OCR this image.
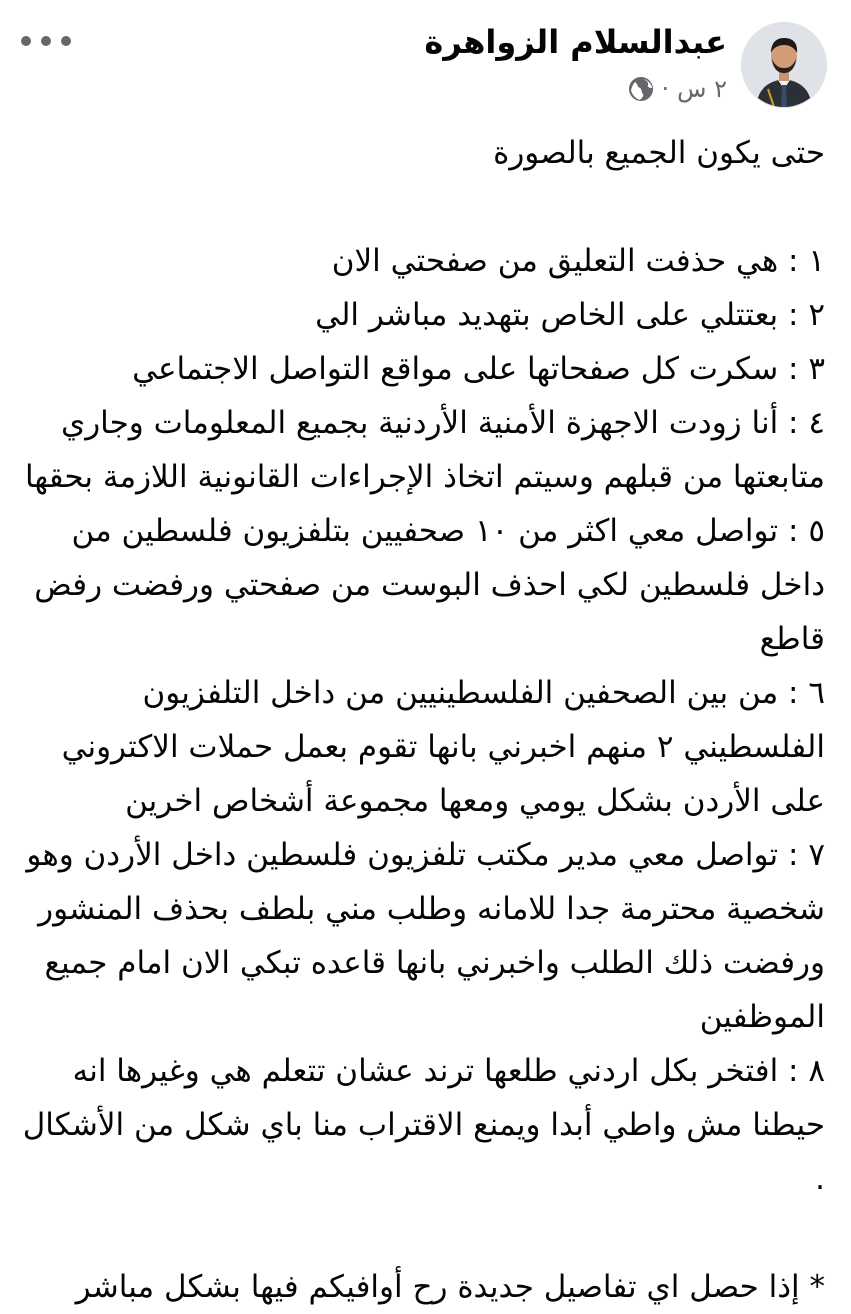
عبدالسلام الزواهرة
٢ س
·

حتى يكون الجميع بالصورة

١ : هي حذفت التعليق من صفحتي الان

٢ : بعتتلي على الخاص بتهديد مباشر الي

٣ : سكرت كل صفحاتها على مواقع التواصل الاجتماعي

٤ : أنا زودت الاجهزة الأمنية الأردنية بجميع المعلومات وجاري متابعتها من قبلهم وسيتم اتخاذ الإجراءات القانونية اللازمة بحقها

٥ : تواصل معي اكثر من ١٠ صحفيين بتلفزيون فلسطين من داخل فلسطين لكي احذف البوست من صفحتي ورفضت رفض قاطع

٦ : من بين الصحفين الفلسطينيين من داخل التلفزيون الفلسطيني ٢ منهم اخبرني بانها تقوم بعمل حملات الاكتروني على الأردن بشكل يومي ومعها مجموعة أشخاص اخرين

٧ : تواصل معي مدير مكتب تلفزيون فلسطين داخل الأردن وهو شخصية محترمة جدا للامانه وطلب مني بلطف بحذف المنشور ورفضت ذلك الطلب واخبرني بانها قاعده تبكي الان امام جميع الموظفين

٨ : افتخر بكل اردني طلعها ترند عشان تتعلم هي وغيرها انه حيطنا مش واطي أبدا ويمنع الاقتراب منا باي شكل من الأشكال .

* إذا حصل اي تفاصيل جديدة رح أوافيكم فيها بشكل مباشر
